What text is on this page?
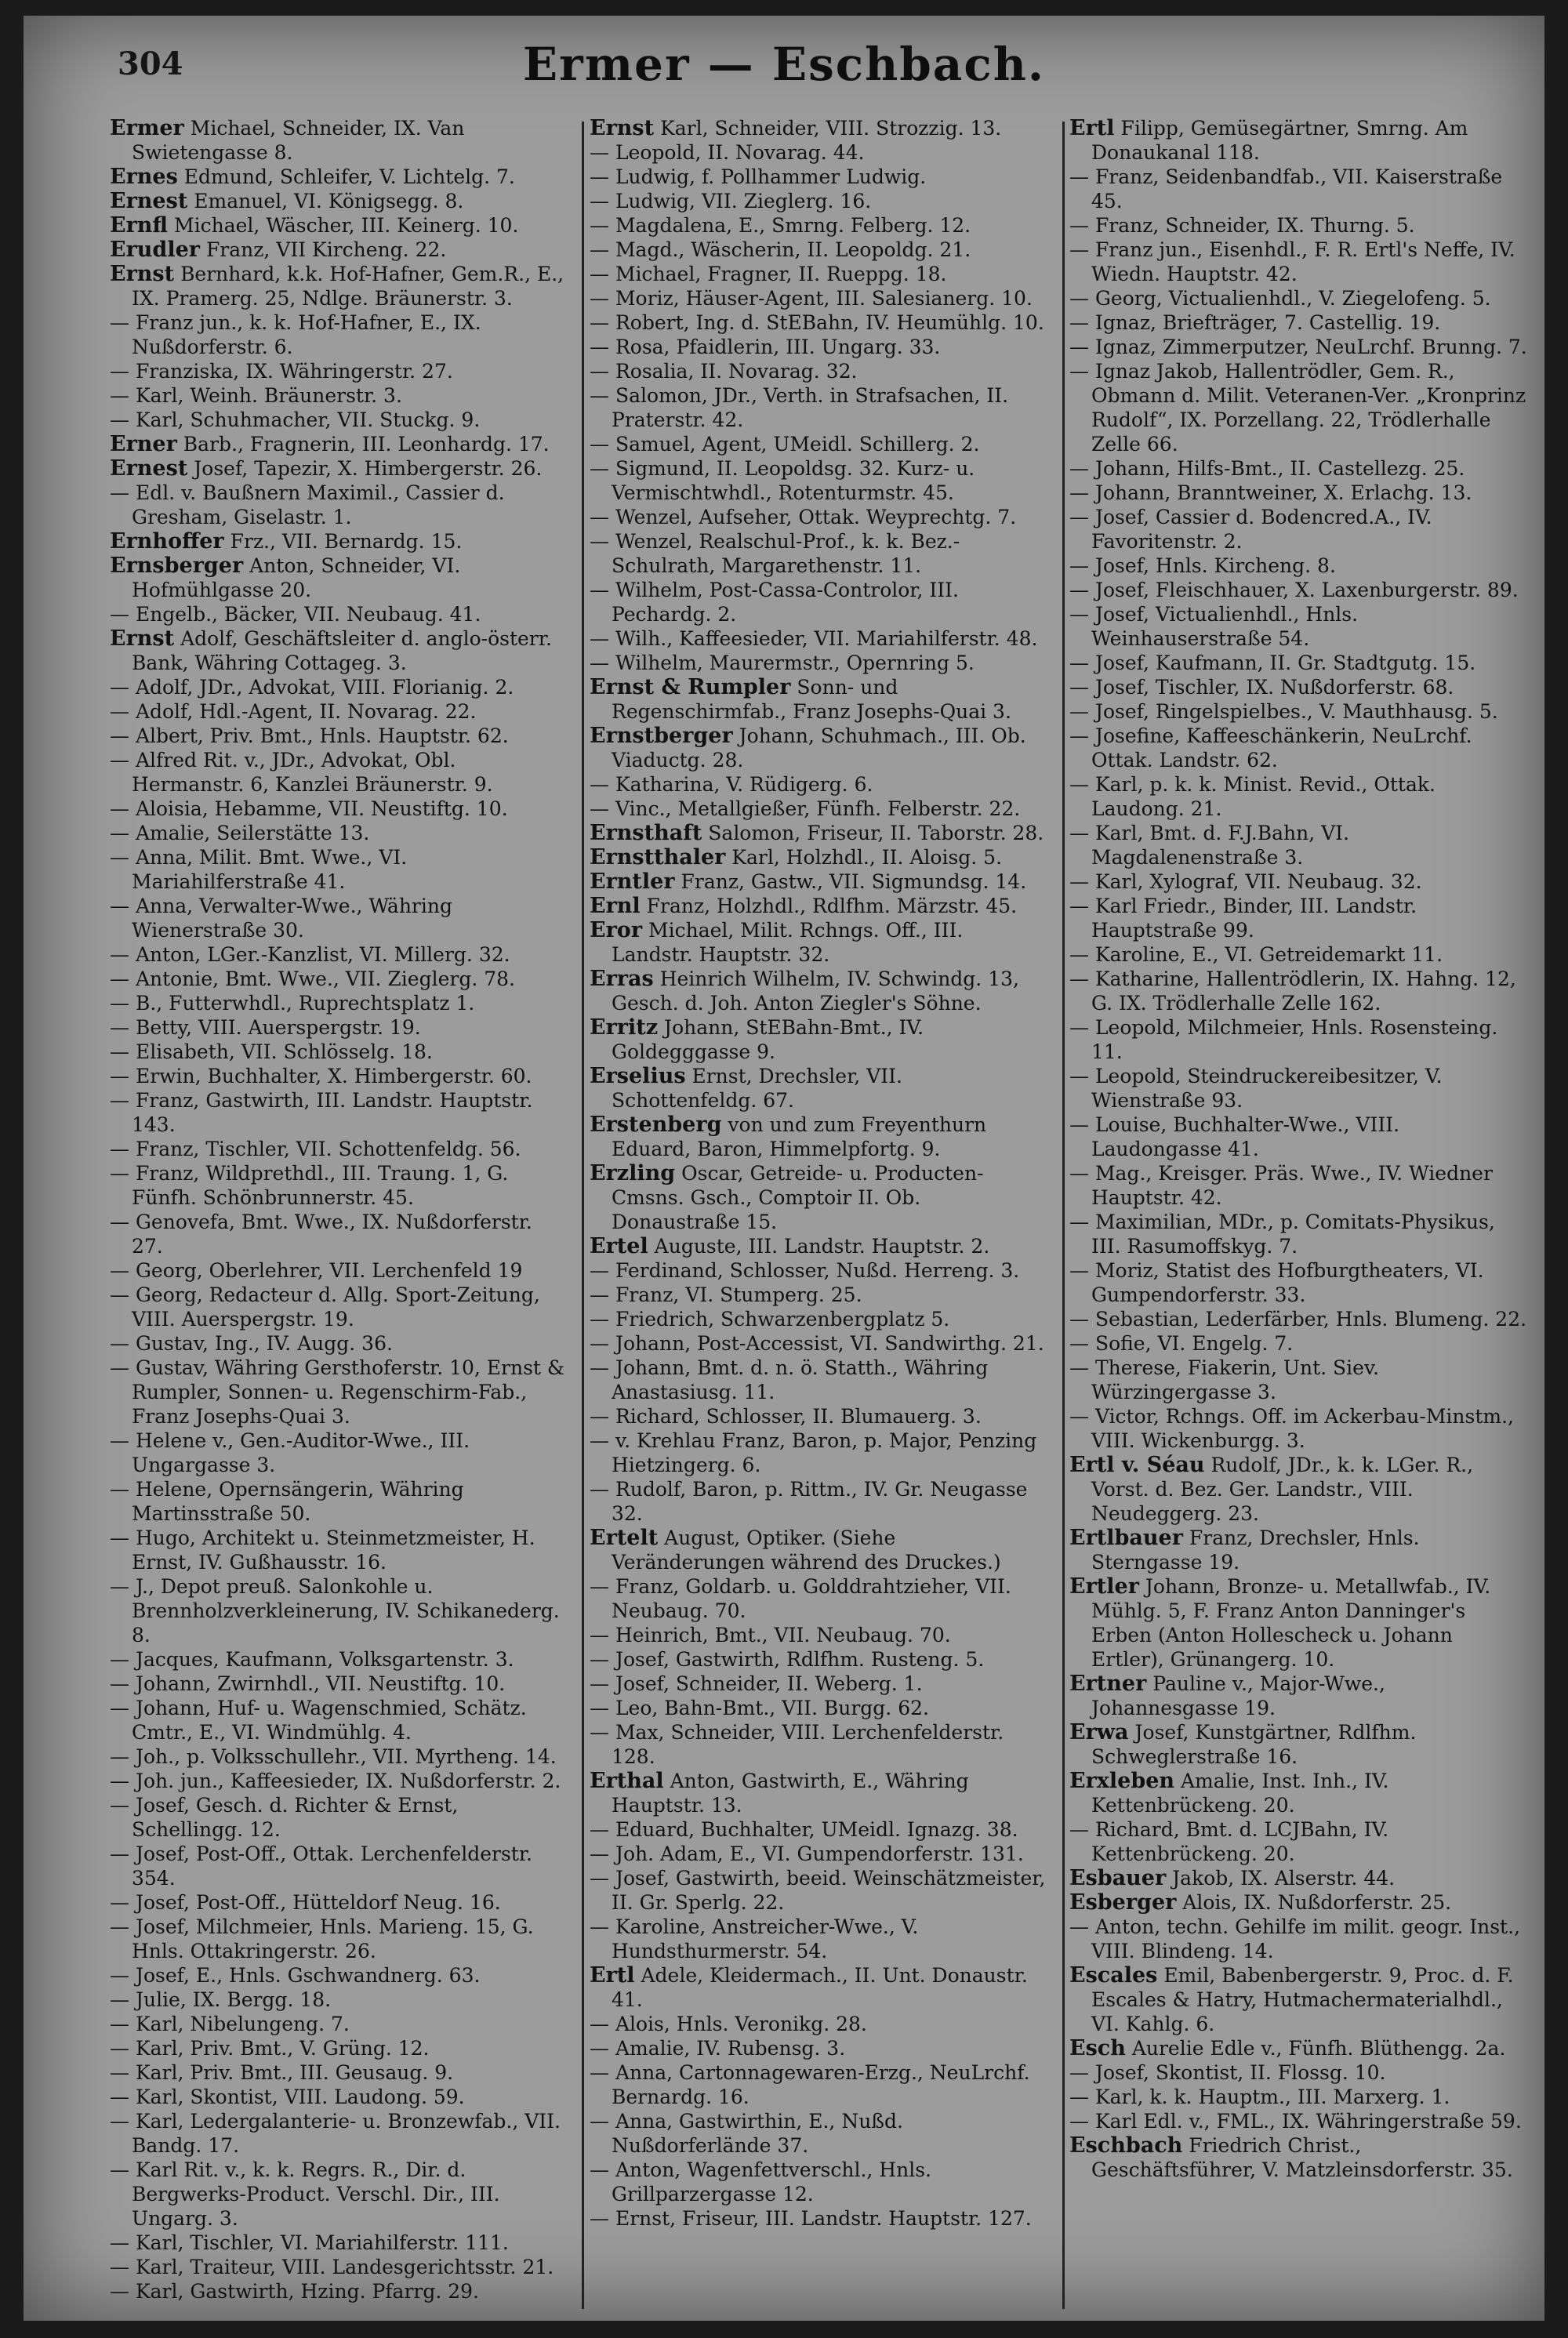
304	Ermer — Eschbach.
Ermer Michael, Schneider, IX. Van Swietengasse 8.
Ernes Edmund, Schleifer, V. Lichtelg. 7.
Ernest Emanuel, VI. Königsegg. 8.
Ernfl Michael, Wäscher, III. Keinerg. 10.
Erudler Franz, VII Kircheng. 22.
Ernst Bernhard, k.k. Hof-Hafner, Gem.R., E., IX. Pramerg. 25, Ndlge. Bräunerstr. 3.
— Franz jun., k. k. Hof-Hafner, E., IX. Nußdorferstr. 6.
— Franziska, IX. Währingerstr. 27.
— Karl, Weinh. Bräunerstr. 3.
— Karl, Schuhmacher, VII. Stuckg. 9.
Erner Barb., Fragnerin, III. Leonhardg. 17.
Ernest Josef, Tapezir, X. Himbergerstr. 26.
— Edl. v. Baußnern Maximil., Cassier d. Gresham, Giselastr. 1.
Ernhoffer Frz., VII. Bernardg. 15.
Ernsberger Anton, Schneider, VI. Hofmühlgasse 20.
— Engelb., Bäcker, VII. Neubaug. 41.
Ernst Adolf, Geschäftsleiter d. anglo-österr. Bank, Währing Cottageg. 3.
— Adolf, JDr., Advokat, VIII. Florianig. 2.
— Adolf, Hdl.-Agent, II. Novarag. 22.
— Albert, Priv. Bmt., Hnls. Hauptstr. 62.
— Alfred Rit. v., JDr., Advokat, Obl. Hermanstr. 6, Kanzlei Bräunerstr. 9.
— Aloisia, Hebamme, VII. Neustiftg. 10.
— Amalie, Seilerstätte 13.
— Anna, Milit. Bmt. Wwe., VI. Mariahilferstraße 41.
— Anna, Verwalter-Wwe., Währing Wienerstraße 30.
— Anton, LGer.-Kanzlist, VI. Millerg. 32.
— Antonie, Bmt. Wwe., VII. Zieglerg. 78.
— B., Futterwhdl., Ruprechtsplatz 1.
— Betty, VIII. Auerspergstr. 19.
— Elisabeth, VII. Schlösselg. 18.
— Erwin, Buchhalter, X. Himbergerstr. 60.
— Franz, Gastwirth, III. Landstr. Hauptstr. 143.
— Franz, Tischler, VII. Schottenfeldg. 56.
— Franz, Wildprethdl., III. Traung. 1, G. Fünfh. Schönbrunnerstr. 45.
— Genovefa, Bmt. Wwe., IX. Nußdorferstr. 27.
— Georg, Oberlehrer, VII. Lerchenfeld 19
— Georg, Redacteur d. Allg. Sport-Zeitung, VIII. Auerspergstr. 19.
— Gustav, Ing., IV. Augg. 36.
— Gustav, Währing Gersthoferstr. 10, Ernst & Rumpler, Sonnen- u. Regenschirm-Fab., Franz Josephs-Quai 3.
— Helene v., Gen.-Auditor-Wwe., III. Ungargasse 3.
— Helene, Opernsängerin, Währing Martinsstraße 50.
— Hugo, Architekt u. Steinmetzmeister, H. Ernst, IV. Gußhausstr. 16.
— J., Depot preuß. Salonkohle u. Brennholzverkleinerung, IV. Schikanederg. 8.
— Jacques, Kaufmann, Volksgartenstr. 3.
— Johann, Zwirnhdl., VII. Neustiftg. 10.
— Johann, Huf- u. Wagenschmied, Schätz. Cmtr., E., VI. Windmühlg. 4.
— Joh., p. Volksschullehr., VII. Myrtheng. 14.
— Joh. jun., Kaffeesieder, IX. Nußdorferstr. 2.
— Josef, Gesch. d. Richter & Ernst, Schellingg. 12.
— Josef, Post-Off., Ottak. Lerchenfelderstr. 354.
— Josef, Post-Off., Hütteldorf Neug. 16.
— Josef, Milchmeier, Hnls. Marieng. 15, G. Hnls. Ottakringerstr. 26.
— Josef, E., Hnls. Gschwandnerg. 63.
— Julie, IX. Bergg. 18.
— Karl, Nibelungeng. 7.
— Karl, Priv. Bmt., V. Grüng. 12.
— Karl, Priv. Bmt., III. Geusaug. 9.
— Karl, Skontist, VIII. Laudong. 59.
— Karl, Ledergalanterie- u. Bronzewfab., VII. Bandg. 17.
— Karl Rit. v., k. k. Regrs. R., Dir. d. Bergwerks-Product. Verschl. Dir., III. Ungarg. 3.
— Karl, Tischler, VI. Mariahilferstr. 111.
— Karl, Traiteur, VIII. Landesgerichtsstr. 21.
— Karl, Gastwirth, Hzing. Pfarrg. 29.
Ernst Karl, Schneider, VIII. Strozzig. 13.
— Leopold, II. Novarag. 44.
— Ludwig, f. Pollhammer Ludwig.
— Ludwig, VII. Zieglerg. 16.
— Magdalena, E., Smrng. Felberg. 12.
— Magd., Wäscherin, II. Leopoldg. 21.
— Michael, Fragner, II. Rueppg. 18.
— Moriz, Häuser-Agent, III. Salesianerg. 10.
— Robert, Ing. d. StEBahn, IV. Heumühlg. 10.
— Rosa, Pfaidlerin, III. Ungarg. 33.
— Rosalia, II. Novarag. 32.
— Salomon, JDr., Verth. in Strafsachen, II. Praterstr. 42.
— Samuel, Agent, UMeidl. Schillerg. 2.
— Sigmund, II. Leopoldsg. 32. Kurz- u. Vermischtwhdl., Rotenturmstr. 45.
— Wenzel, Aufseher, Ottak. Weyprechtg. 7.
— Wenzel, Realschul-Prof., k. k. Bez.-Schulrath, Margarethenstr. 11.
— Wilhelm, Post-Cassa-Controlor, III. Pechardg. 2.
— Wilh., Kaffeesieder, VII. Mariahilferstr. 48.
— Wilhelm, Maurermstr., Opernring 5.
Ernst & Rumpler Sonn- und Regenschirmfab., Franz Josephs-Quai 3.
Ernstberger Johann, Schuhmach., III. Ob. Viaductg. 28.
— Katharina, V. Rüdigerg. 6.
— Vinc., Metallgießer, Fünfh. Felberstr. 22.
Ernsthaft Salomon, Friseur, II. Taborstr. 28.
Ernstthaler Karl, Holzhdl., II. Aloisg. 5.
Erntler Franz, Gastw., VII. Sigmundsg. 14.
Ernl Franz, Holzhdl., Rdlfhm. Märzstr. 45.
Eror Michael, Milit. Rchngs. Off., III. Landstr. Hauptstr. 32.
Erras Heinrich Wilhelm, IV. Schwindg. 13, Gesch. d. Joh. Anton Ziegler's Söhne.
Erritz Johann, StEBahn-Bmt., IV. Goldegggasse 9.
Erselius Ernst, Drechsler, VII. Schottenfeldg. 67.
Erstenberg von und zum Freyenthurn Eduard, Baron, Himmelpfortg. 9.
Erzling Oscar, Getreide- u. Producten-Cmsns. Gsch., Comptoir II. Ob. Donaustraße 15.
Ertel Auguste, III. Landstr. Hauptstr. 2.
— Ferdinand, Schlosser, Nußd. Herreng. 3.
— Franz, VI. Stumperg. 25.
— Friedrich, Schwarzenbergplatz 5.
— Johann, Post-Accessist, VI. Sandwirthg. 21.
— Johann, Bmt. d. n. ö. Statth., Währing Anastasiusg. 11.
— Richard, Schlosser, II. Blumauerg. 3.
— v. Krehlau Franz, Baron, p. Major, Penzing Hietzingerg. 6.
— Rudolf, Baron, p. Rittm., IV. Gr. Neugasse 32.
Ertelt August, Optiker. (Siehe Veränderungen während des Druckes.)
— Franz, Goldarb. u. Golddrahtzieher, VII. Neubaug. 70.
— Heinrich, Bmt., VII. Neubaug. 70.
— Josef, Gastwirth, Rdlfhm. Rusteng. 5.
— Josef, Schneider, II. Weberg. 1.
— Leo, Bahn-Bmt., VII. Burgg. 62.
— Max, Schneider, VIII. Lerchenfelderstr. 128.
Erthal Anton, Gastwirth, E., Währing Hauptstr. 13.
— Eduard, Buchhalter, UMeidl. Ignazg. 38.
— Joh. Adam, E., VI. Gumpendorferstr. 131.
— Josef, Gastwirth, beeid. Weinschätzmeister, II. Gr. Sperlg. 22.
— Karoline, Anstreicher-Wwe., V. Hundsthurmerstr. 54.
Ertl Adele, Kleidermach., II. Unt. Donaustr. 41.
— Alois, Hnls. Veronikg. 28.
— Amalie, IV. Rubensg. 3.
— Anna, Cartonnagewaren-Erzg., NeuLrchf. Bernardg. 16.
— Anna, Gastwirthin, E., Nußd. Nußdorferlände 37.
— Anton, Wagenfettverschl., Hnls. Grillparzergasse 12.
— Ernst, Friseur, III. Landstr. Hauptstr. 127.
Ertl Filipp, Gemüsegärtner, Smrng. Am Donaukanal 118.
— Franz, Seidenbandfab., VII. Kaiserstraße 45.
— Franz, Schneider, IX. Thurng. 5.
— Franz jun., Eisenhdl., F. R. Ertl's Neffe, IV. Wiedn. Hauptstr. 42.
— Georg, Victualienhdl., V. Ziegelofeng. 5.
— Ignaz, Briefträger, 7. Castellig. 19.
— Ignaz, Zimmerputzer, NeuLrchf. Brunng. 7.
— Ignaz Jakob, Hallentrödler, Gem. R., Obmann d. Milit. Veteranen-Ver. „Kronprinz Rudolf“, IX. Porzellang. 22, Trödlerhalle Zelle 66.
— Johann, Hilfs-Bmt., II. Castellezg. 25.
— Johann, Branntweiner, X. Erlachg. 13.
— Josef, Cassier d. Bodencred.A., IV. Favoritenstr. 2.
— Josef, Hnls. Kircheng. 8.
— Josef, Fleischhauer, X. Laxenburgerstr. 89.
— Josef, Victualienhdl., Hnls. Weinhauserstraße 54.
— Josef, Kaufmann, II. Gr. Stadtgutg. 15.
— Josef, Tischler, IX. Nußdorferstr. 68.
— Josef, Ringelspielbes., V. Mauthhausg. 5.
— Josefine, Kaffeeschänkerin, NeuLrchf. Ottak. Landstr. 62.
— Karl, p. k. k. Minist. Revid., Ottak. Laudong. 21.
— Karl, Bmt. d. F.J.Bahn, VI. Magdalenenstraße 3.
— Karl, Xylograf, VII. Neubaug. 32.
— Karl Friedr., Binder, III. Landstr. Hauptstraße 99.
— Karoline, E., VI. Getreidemarkt 11.
— Katharine, Hallentrödlerin, IX. Hahng. 12, G. IX. Trödlerhalle Zelle 162.
— Leopold, Milchmeier, Hnls. Rosensteing. 11.
— Leopold, Steindruckereibesitzer, V. Wienstraße 93.
— Louise, Buchhalter-Wwe., VIII. Laudongasse 41.
— Mag., Kreisger. Präs. Wwe., IV. Wiedner Hauptstr. 42.
— Maximilian, MDr., p. Comitats-Physikus, III. Rasumoffskyg. 7.
— Moriz, Statist des Hofburgtheaters, VI. Gumpendorferstr. 33.
— Sebastian, Lederfärber, Hnls. Blumeng. 22.
— Sofie, VI. Engelg. 7.
— Therese, Fiakerin, Unt. Siev. Würzingergasse 3.
— Victor, Rchngs. Off. im Ackerbau-Minstm., VIII. Wickenburgg. 3.
Ertl v. Séau Rudolf, JDr., k. k. LGer. R., Vorst. d. Bez. Ger. Landstr., VIII. Neudeggerg. 23.
Ertlbauer Franz, Drechsler, Hnls. Sterngasse 19.
Ertler Johann, Bronze- u. Metallwfab., IV. Mühlg. 5, F. Franz Anton Danninger's Erben (Anton Hollescheck u. Johann Ertler), Grünangerg. 10.
Ertner Pauline v., Major-Wwe., Johannesgasse 19.
Erwa Josef, Kunstgärtner, Rdlfhm. Schweglerstraße 16.
Erxleben Amalie, Inst. Inh., IV. Kettenbrückeng. 20.
— Richard, Bmt. d. LCJBahn, IV. Kettenbrückeng. 20.
Esbauer Jakob, IX. Alserstr. 44.
Esberger Alois, IX. Nußdorferstr. 25.
— Anton, techn. Gehilfe im milit. geogr. Inst., VIII. Blindeng. 14.
Escales Emil, Babenbergerstr. 9, Proc. d. F. Escales & Hatry, Hutmachermaterialhdl., VI. Kahlg. 6.
Esch Aurelie Edle v., Fünfh. Blüthengg. 2a.
— Josef, Skontist, II. Flossg. 10.
— Karl, k. k. Hauptm., III. Marxerg. 1.
— Karl Edl. v., FML., IX. Währingerstraße 59.
Eschbach Friedrich Christ., Geschäftsführer, V. Matzleinsdorferstr. 35.
